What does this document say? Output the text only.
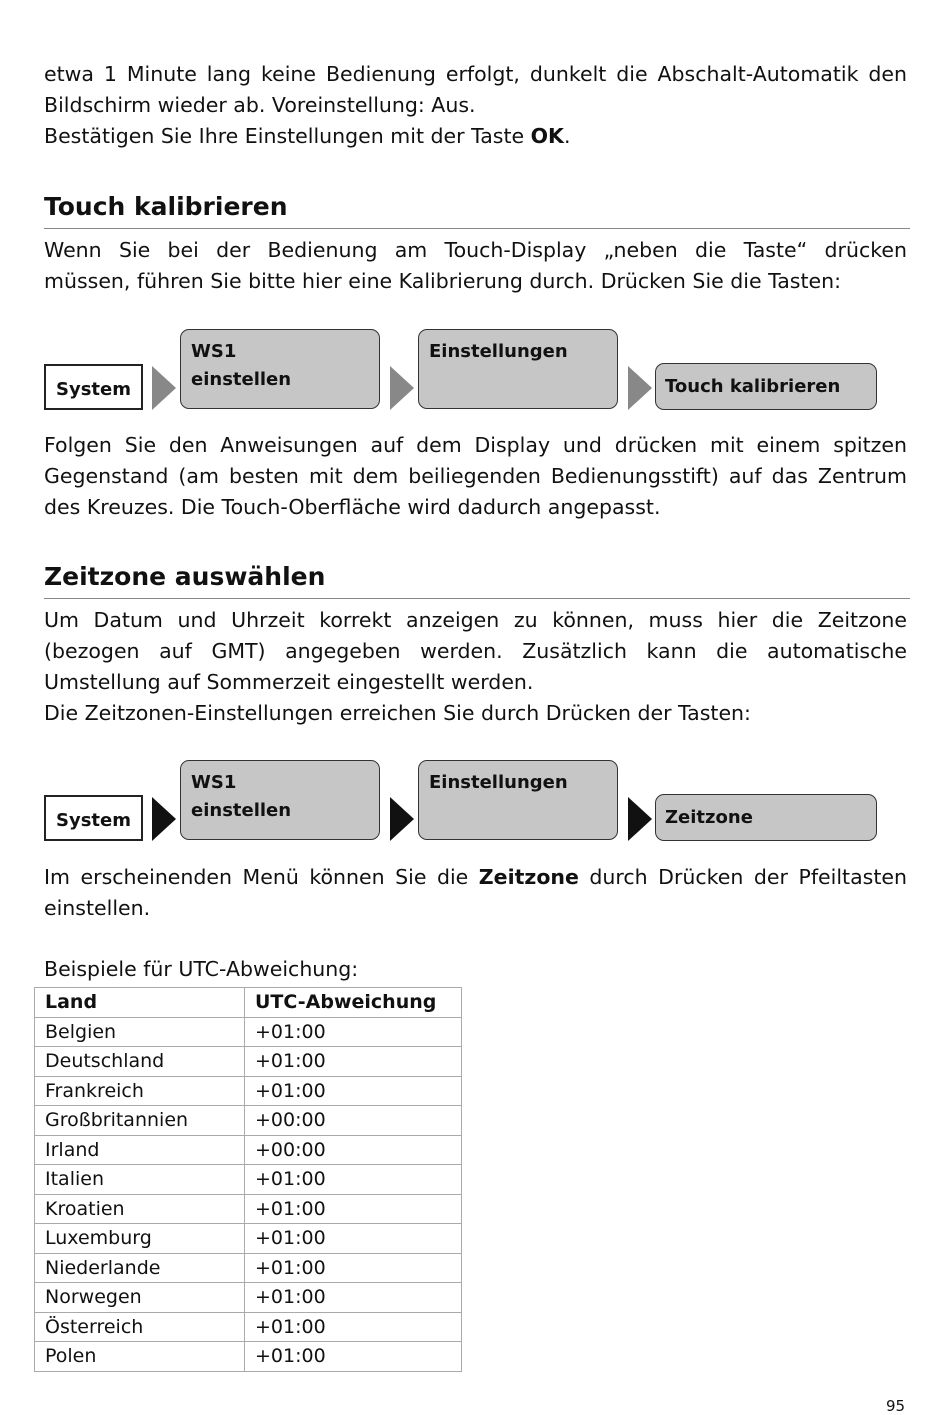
etwa 1 Minute lang keine Bedienung erfolgt, dunkelt die Abschalt-Automatik den
Bildschirm wieder ab. Voreinstellung: Aus.
Bestätigen Sie Ihre Einstellungen mit der Taste OK.

Touch kalibrieren

Wenn Sie bei der Bedienung am Touch-Display „neben die Taste“ drücken
müssen, führen Sie bitte hier eine Kalibrierung durch. Drücken Sie die Tasten:

System
WS1
einstellen
Einstellungen
Touch kalibrieren

Folgen Sie den Anweisungen auf dem Display und drücken mit einem spitzen
Gegenstand (am besten mit dem beiliegenden Bedienungsstift) auf das Zentrum
des Kreuzes. Die Touch-Oberfläche wird dadurch angepasst.

Zeitzone auswählen

Um Datum und Uhrzeit korrekt anzeigen zu können, muss hier die Zeitzone
(bezogen auf GMT) angegeben werden. Zusätzlich kann die automatische
Umstellung auf Sommerzeit eingestellt werden.
Die Zeitzonen-Einstellungen erreichen Sie durch Drücken der Tasten:

System
WS1
einstellen
Einstellungen
Zeitzone

Im erscheinenden Menü können Sie die Zeitzone durch Drücken der Pfeiltasten
einstellen.

Beispiele für UTC-Abweichung:

Land	UTC-Abweichung
Belgien	+01:00
Deutschland	+01:00
Frankreich	+01:00
Großbritannien	+00:00
Irland	+00:00
Italien	+01:00
Kroatien	+01:00
Luxemburg	+01:00
Niederlande	+01:00
Norwegen	+01:00
Österreich	+01:00
Polen	+01:00
95
